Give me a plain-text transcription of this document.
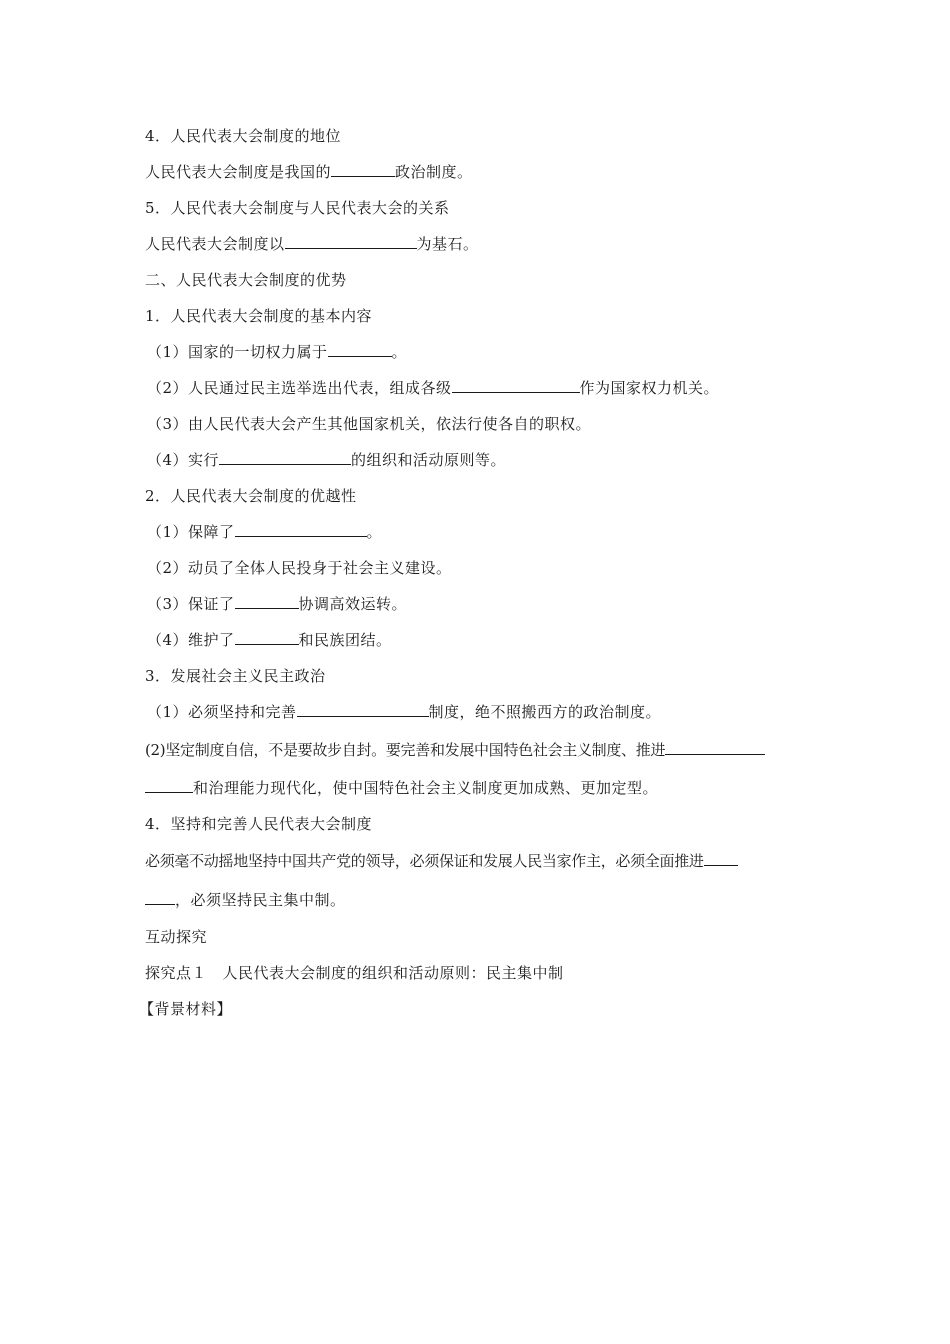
4．人民代表大会制度的地位
人民代表大会制度是我国的	政治制度。
5．人民代表大会制度与人民代表大会的关系
人民代表大会制度以	为基石。
二、人民代表大会制度的优势
1．人民代表大会制度的基本内容
（1）国家的一切权力属于	。
（2）人民通过民主选举选出代表，组成各级	作为国家权力机关。
（3）由人民代表大会产生其他国家机关，依法行使各自的职权。
（4）实行	的组织和活动原则等。
2．人民代表大会制度的优越性
（1）保障了	。
（2）动员了全体人民投身于社会主义建设。
（3）保证了	协调高效运转。
（4）维护了	和民族团结。
3．发展社会主义民主政治
（1）必须坚持和完善	制度，绝不照搬西方的政治制度。
(2)坚定制度自信，不是要故步自封。要完善和发展中国特色社会主义制度、推进
和治理能力现代化，使中国特色社会主义制度更加成熟、更加定型。
4．坚持和完善人民代表大会制度
必须毫不动摇地坚持中国共产党的领导，必须保证和发展人民当家作主，必须全面推进
，必须坚持民主集中制。
互动探究
探究点１　人民代表大会制度的组织和活动原则：民主集中制
【背景材料】
